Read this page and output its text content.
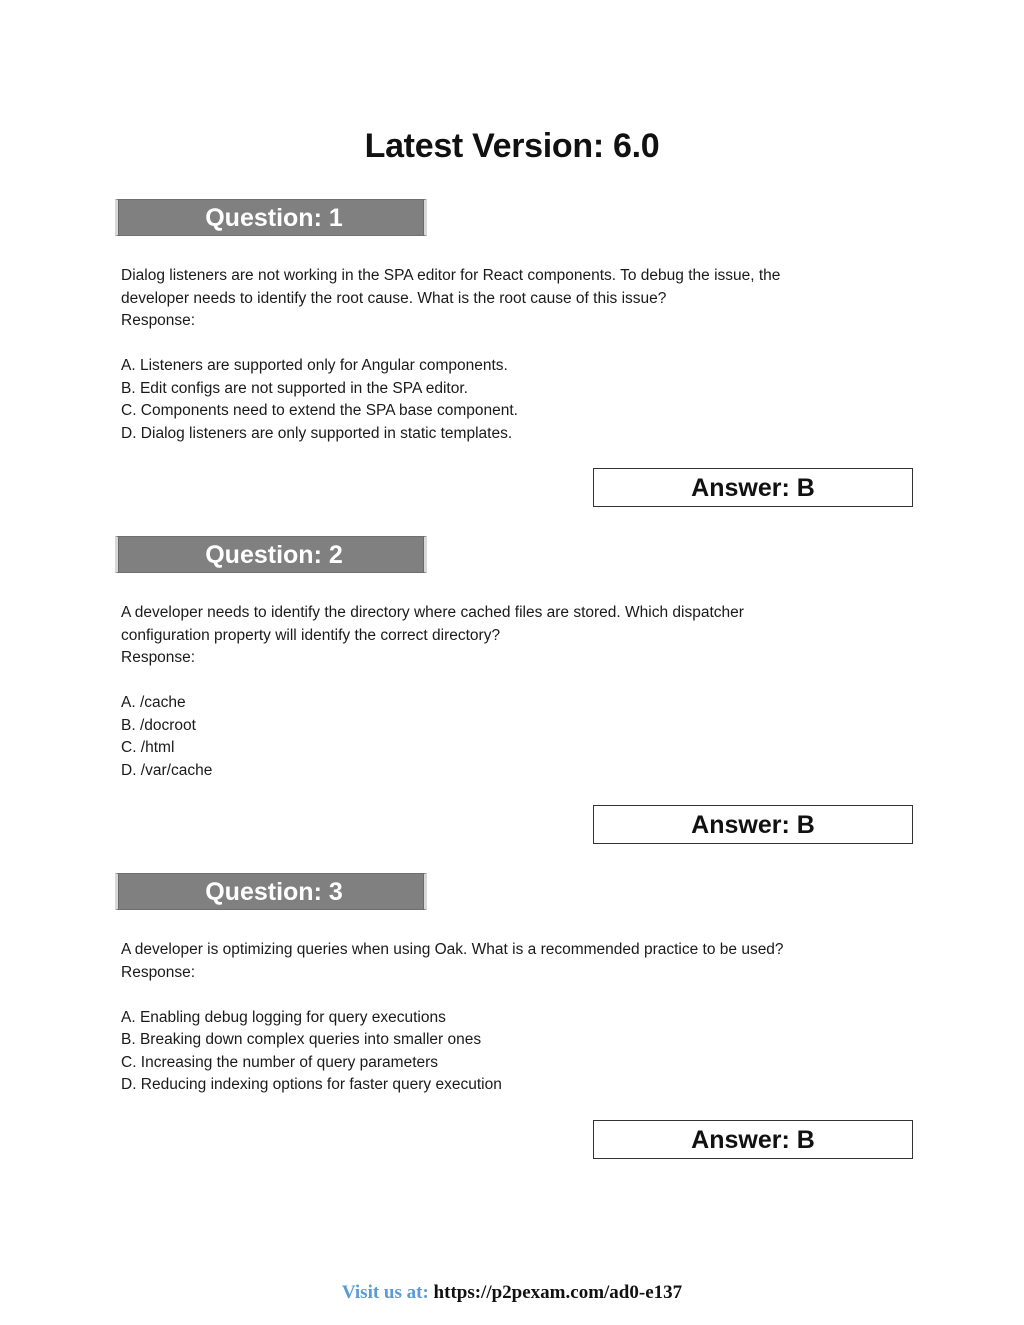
Latest Version: 6.0
Question: 1

Dialog listeners are not working in the SPA editor for React components. To debug the issue, the

developer needs to identify the root cause. What is the root cause of this issue?

Response:

A. Listeners are supported only for Angular components.
B. Edit configs are not supported in the SPA editor.
C. Components need to extend the SPA base component.
D. Dialog listeners are only supported in static templates.
Answer: B
Question: 2

A developer needs to identify the directory where cached files are stored. Which dispatcher

configuration property will identify the correct directory?

Response:

A. /cache
B. /docroot
C. /html
D. /var/cache
Answer: B
Question: 3

A developer is optimizing queries when using Oak. What is a recommended practice to be used?

Response:

A. Enabling debug logging for query executions
B. Breaking down complex queries into smaller ones
C. Increasing the number of query parameters
D. Reducing indexing options for faster query execution
Answer: B
Visit us at: https://p2pexam.com/ad0-e137
